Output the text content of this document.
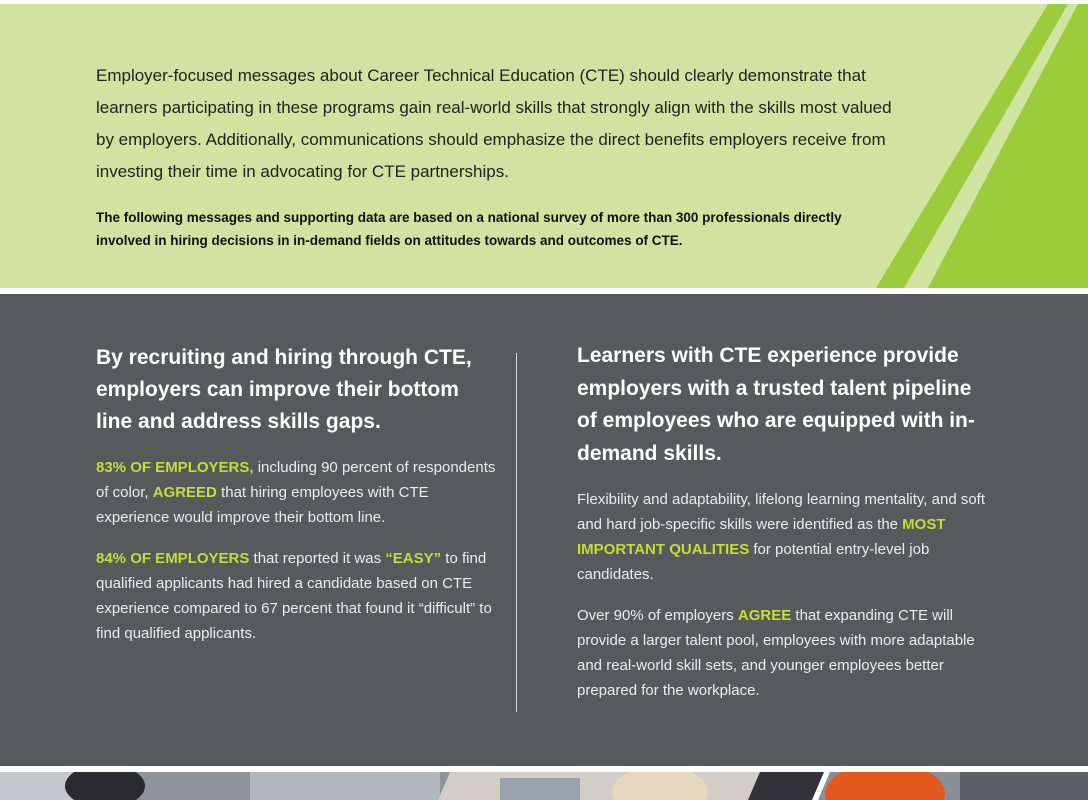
Employer-focused messages about Career Technical Education (CTE) should clearly demonstrate that learners participating in these programs gain real-world skills that strongly align with the skills most valued by employers. Additionally, communications should emphasize the direct benefits employers receive from investing their time in advocating for CTE partnerships.

The following messages and supporting data are based on a national survey of more than 300 professionals directly involved in hiring decisions in in-demand fields on attitudes towards and outcomes of CTE.

By recruiting and hiring through CTE, employers can improve their bottom line and address skills gaps.

83% OF EMPLOYERS, including 90 percent of respondents of color, AGREED that hiring employees with CTE experience would improve their bottom line.

84% OF EMPLOYERS that reported it was “EASY” to find qualified applicants had hired a candidate based on CTE experience compared to 67 percent that found it “difficult” to find qualified applicants.

Learners with CTE experience provide employers with a trusted talent pipeline of employees who are equipped with in-demand skills.

Flexibility and adaptability, lifelong learning mentality, and soft and hard job-specific skills were identified as the MOST IMPORTANT QUALITIES for potential entry-level job candidates.

Over 90% of employers AGREE that expanding CTE will provide a larger talent pool, employees with more adaptable and real-world skill sets, and younger employees better prepared for the workplace.
